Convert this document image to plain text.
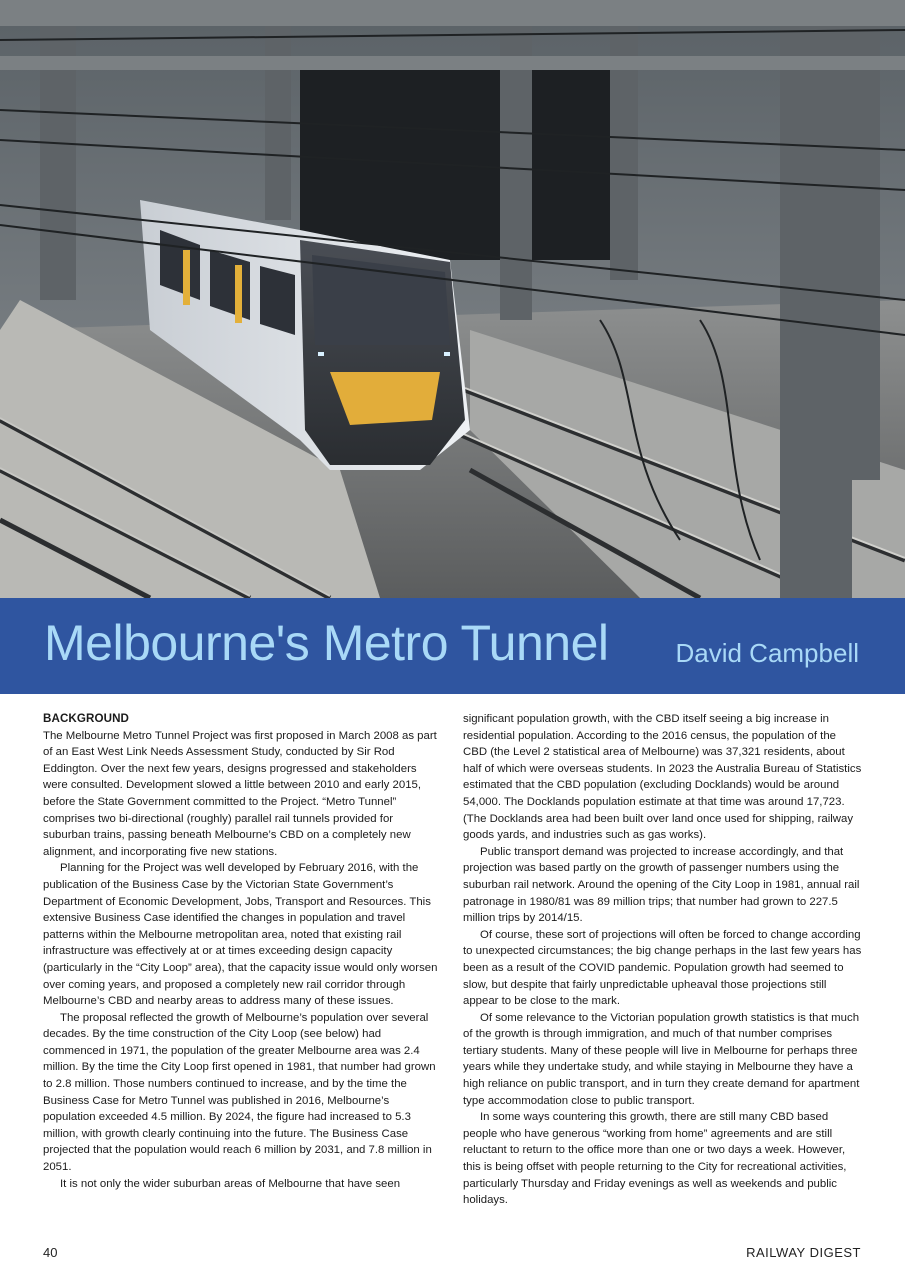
Melbourne's Metro Tunnel	David Campbell
BACKGROUND

The Melbourne Metro Tunnel Project was first proposed in March 2008 as part of an East West Link Needs Assessment Study, conducted by Sir Rod Eddington. Over the next few years, designs progressed and stakeholders were consulted. Development slowed a little between 2010 and early 2015, before the State Government committed to the Project. “Metro Tunnel” comprises two bi-directional (roughly) parallel rail tunnels provided for suburban trains, passing beneath Melbourne’s CBD on a completely new alignment, and incorporating five new stations.

Planning for the Project was well developed by February 2016, with the publication of the Business Case by the Victorian State Government’s Department of Economic Development, Jobs, Transport and Resources. This extensive Business Case identified the changes in population and travel patterns within the Melbourne metropolitan area, noted that existing rail infrastructure was effectively at or at times exceeding design capacity (particularly in the “City Loop” area), that the capacity issue would only worsen over coming years, and proposed a completely new rail corridor through Melbourne’s CBD and nearby areas to address many of these issues.

The proposal reflected the growth of Melbourne’s population over several decades. By the time construction of the City Loop (see below) had commenced in 1971, the population of the greater Melbourne area was 2.4 million. By the time the City Loop first opened in 1981, that number had grown to 2.8 million. Those numbers continued to increase, and by the time the Business Case for Metro Tunnel was published in 2016, Melbourne’s population exceeded 4.5 million. By 2024, the figure had increased to 5.3 million, with growth clearly continuing into the future. The Business Case projected that the population would reach 6 million by 2031, and 7.8 million in 2051.

It is not only the wider suburban areas of Melbourne that have seen

significant population growth, with the CBD itself seeing a big increase in residential population. According to the 2016 census, the population of the CBD (the Level 2 statistical area of Melbourne) was 37,321 residents, about half of which were overseas students. In 2023 the Australia Bureau of Statistics estimated that the CBD population (excluding Docklands) would be around 54,000. The Docklands population estimate at that time was around 17,723. (The Docklands area had been built over land once used for shipping, railway goods yards, and industries such as gas works).

Public transport demand was projected to increase accordingly, and that projection was based partly on the growth of passenger numbers using the suburban rail network. Around the opening of the City Loop in 1981, annual rail patronage in 1980/81 was 89 million trips; that number had grown to 227.5 million trips by 2014/15.

Of course, these sort of projections will often be forced to change according to unexpected circumstances; the big change perhaps in the last few years has been as a result of the COVID pandemic. Population growth had seemed to slow, but despite that fairly unpredictable upheaval those projections still appear to be close to the mark.

Of some relevance to the Victorian population growth statistics is that much of the growth is through immigration, and much of that number comprises tertiary students. Many of these people will live in Melbourne for perhaps three years while they undertake study, and while staying in Melbourne they have a high reliance on public transport, and in turn they create demand for apartment type accommodation close to public transport.

In some ways countering this growth, there are still many CBD based people who have generous “working from home” agreements and are still reluctant to return to the office more than one or two days a week. However, this is being offset with people returning to the City for recreational activities, particularly Thursday and Friday evenings as well as weekends and public holidays.

40	RAILWAY DIGEST
